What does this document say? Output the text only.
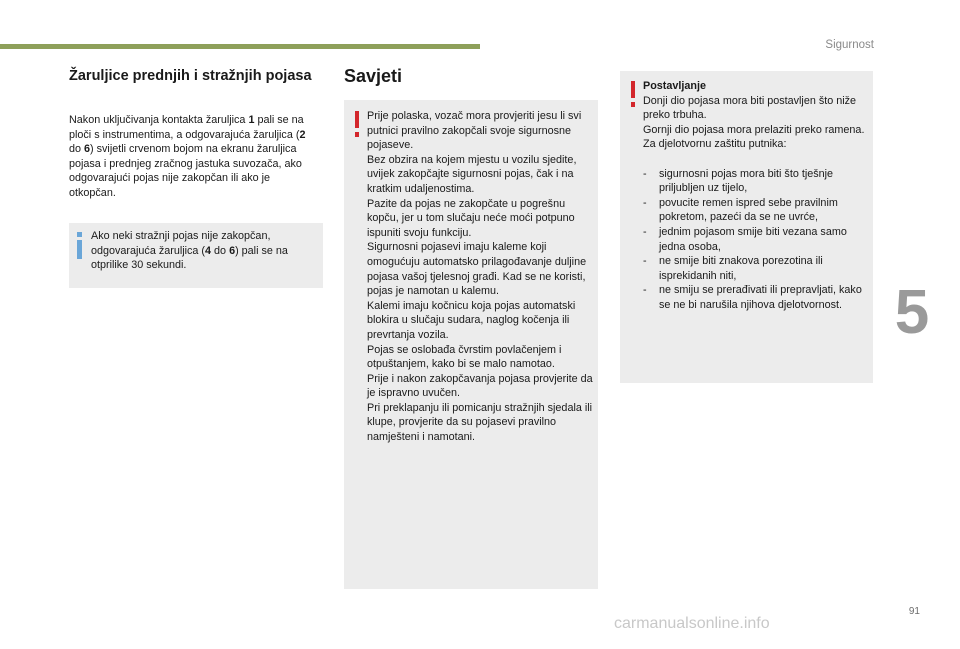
Sigurnost
Žaruljice prednjih i stražnjih pojasa

Nakon uključivanja kontakta žaruljica 1 pali se na ploči s instrumentima, a odgovarajuća žaruljica (2 do 6) svijetli crvenom bojom na ekranu žaruljica pojasa i prednjeg zračnog jastuka suvozača, ako odgovarajući pojas nije zakopčan ili ako je otkopčan.

Ako neki stražnji pojas nije zakopčan, odgovarajuća žaruljica (4 do 6) pali se na otprilike 30 sekundi.

Savjeti

Prije polaska, vozač mora provjeriti jesu li svi putnici pravilno zakopčali svoje sigurnosne pojaseve.
Bez obzira na kojem mjestu u vozilu sjedite, uvijek zakopčajte sigurnosni pojas, čak i na kratkim udaljenostima.
Pazite da pojas ne zakopčate u pogrešnu kopču, jer u tom slučaju neće moći potpuno ispuniti svoju funkciju.
Sigurnosni pojasevi imaju kaleme koji omogućuju automatsko prilagođavanje duljine pojasa vašoj tjelesnoj građi. Kad se ne koristi, pojas je namotan u kalemu.
Kalemi imaju kočnicu koja pojas automatski blokira u slučaju sudara, naglog kočenja ili prevrtanja vozila.
Pojas se oslobađa čvrstim povlačenjem i otpuštanjem, kako bi se malo namotao.
Prije i nakon zakopčavanja pojasa provjerite da je ispravno uvučen.
Pri preklapanju ili pomicanju stražnjih sjedala ili klupe, provjerite da su pojasevi pravilno namješteni i namotani.

Postavljanje

Donji dio pojasa mora biti postavljen što niže preko trbuha.
Gornji dio pojasa mora prelaziti preko ramena.
Za djelotvornu zaštitu putnika:

- sigurnosni pojas mora biti što tješnje priljubljen uz tijelo,
- povucite remen ispred sebe pravilnim pokretom, pazeći da se ne uvrće,
- jednim pojasom smije biti vezana samo jedna osoba,
- ne smije biti znakova porezotina ili isprekidanih niti,
- ne smiju se prerađivati ili prepravljati, kako se ne bi narušila njihova djelotvornost. 5
91
carmanualsonline.info
